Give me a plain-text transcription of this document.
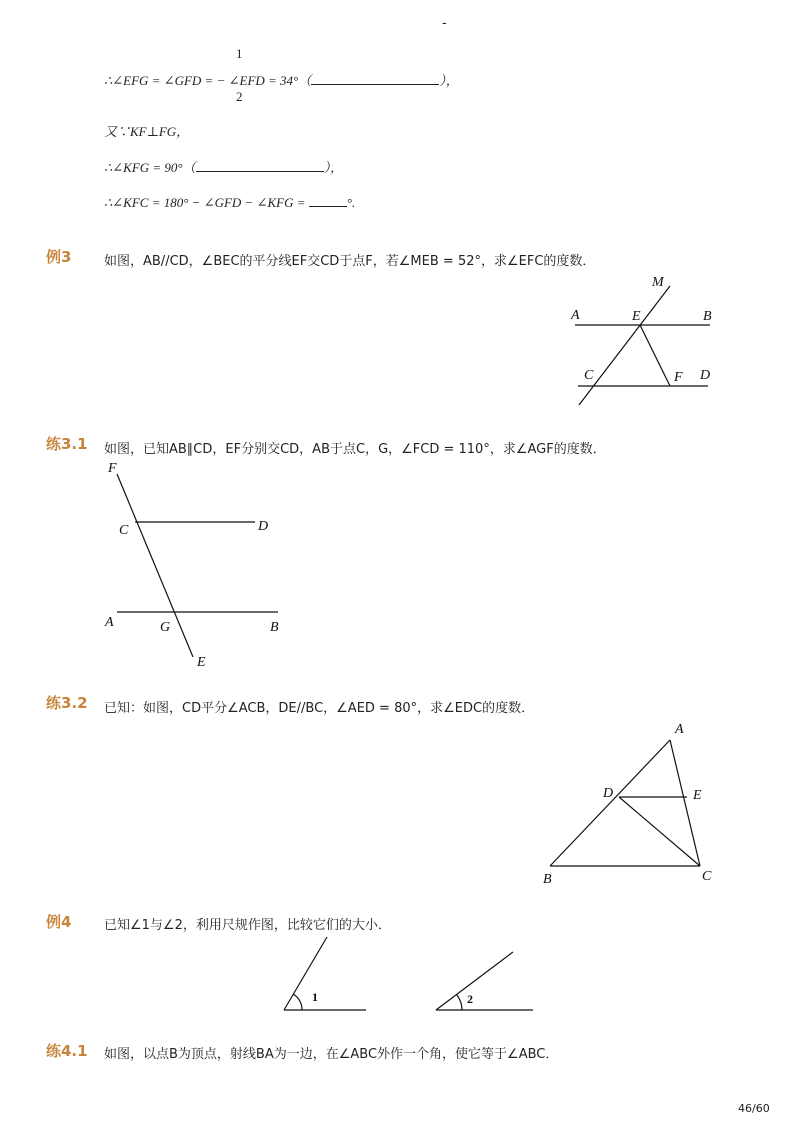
-
1
2
∴∠EFG = ∠GFD = − ∠EFD = 34°（	），
又∵KF⊥FG，
∴∠KFG = 90°（	），
∴∠KFC = 180° − ∠GFD − ∠KFG =	°.
例3	如图，AB//CD，∠BEC的平分线EF交CD于点F，若∠MEB = 52°，求∠EFC的度数．
M
A	E	B
C	F D
练3.1 如图，已知AB∥CD，EF分别交CD，AB于点C，G，∠FCD = 110°，求∠AGF的度数．
F
C	D
A	G	B
E
练3.2 已知：如图，CD平分∠ACB，DE//BC，∠AED = 80°，求∠EDC的度数．
A
D	E
B	C
例4	已知∠1与∠2，利用尺规作图，比较它们的大小．
1	2
练4.1 如图，以点B为顶点，射线BA为一边，在∠ABC外作一个角，使它等于∠ABC．
46/60
